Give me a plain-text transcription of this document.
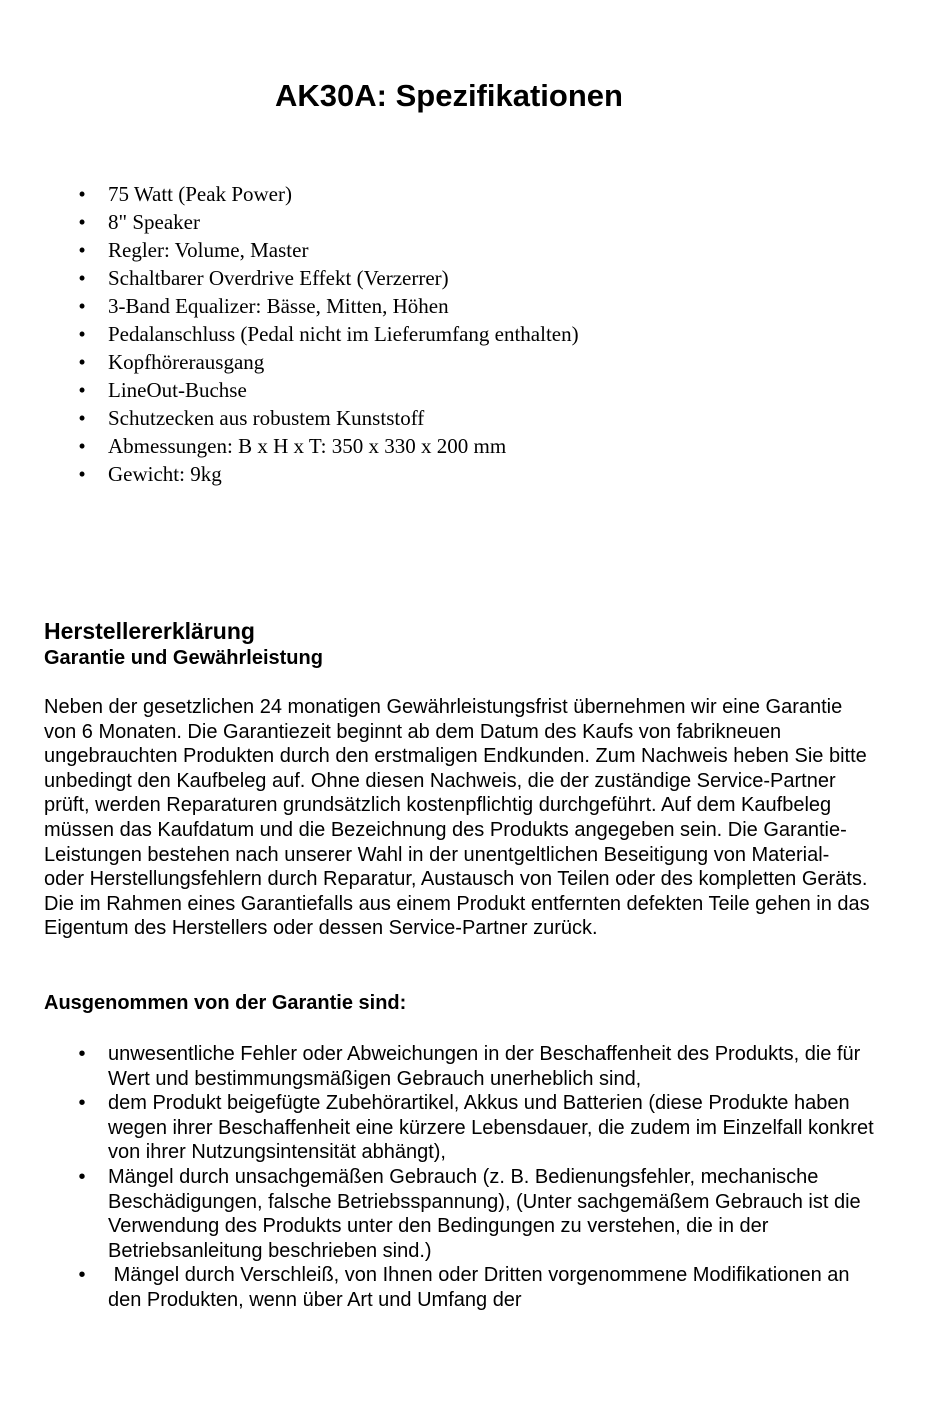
AK30A: Spezifikationen
• 75 Watt (Peak Power)
• 8" Speaker
• Regler: Volume, Master
• Schaltbarer Overdrive Effekt (Verzerrer)
• 3-Band Equalizer: Bässe, Mitten, Höhen
• Pedalanschluss (Pedal nicht im Lieferumfang enthalten)
• Kopfhörerausgang
• LineOut-Buchse
• Schutzecken aus robustem Kunststoff
• Abmessungen: B x H x T: 350 x 330 x 200 mm
• Gewicht: 9kg
Herstellererklärung
Garantie und Gewährleistung

Neben der gesetzlichen 24 monatigen Gewährleistungsfrist übernehmen wir eine Garantie von 6 Monaten. Die Garantiezeit beginnt ab dem Datum des Kaufs von fabrikneuen ungebrauchten Produkten durch den erstmaligen Endkunden. Zum Nachweis heben Sie bitte unbedingt den Kaufbeleg auf. Ohne diesen Nachweis, die der zuständige Service-Partner prüft, werden Reparaturen grundsätzlich kostenpflichtig durchgeführt. Auf dem Kaufbeleg müssen das Kaufdatum und die Bezeichnung des Produkts angegeben sein. Die Garantie-Leistungen bestehen nach unserer Wahl in der unentgeltlichen Beseitigung von Material- oder Herstellungsfehlern durch Reparatur, Austausch von Teilen oder des kompletten Geräts. Die im Rahmen eines Garantiefalls aus einem Produkt entfernten defekten Teile gehen in das Eigentum des Herstellers oder dessen Service-Partner zurück.

Ausgenommen von der Garantie sind:

• unwesentliche Fehler oder Abweichungen in der Beschaffenheit des Produkts, die für Wert und bestimmungsmäßigen Gebrauch unerheblich sind,
• dem Produkt beigefügte Zubehörartikel, Akkus und Batterien (diese Produkte haben wegen ihrer Beschaffenheit eine kürzere Lebensdauer, die zudem im Einzelfall konkret von ihrer Nutzungsintensität abhängt),
• Mängel durch unsachgemäßen Gebrauch (z. B. Bedienungsfehler, mechanische Beschädigungen, falsche Betriebsspannung), (Unter sachgemäßem Gebrauch ist die Verwendung des Produkts unter den Bedingungen zu verstehen, die in der Betriebsanleitung beschrieben sind.)
• Mängel durch Verschleiß, von Ihnen oder Dritten vorgenommene Modifikationen an den Produkten, wenn über Art und Umfang der
